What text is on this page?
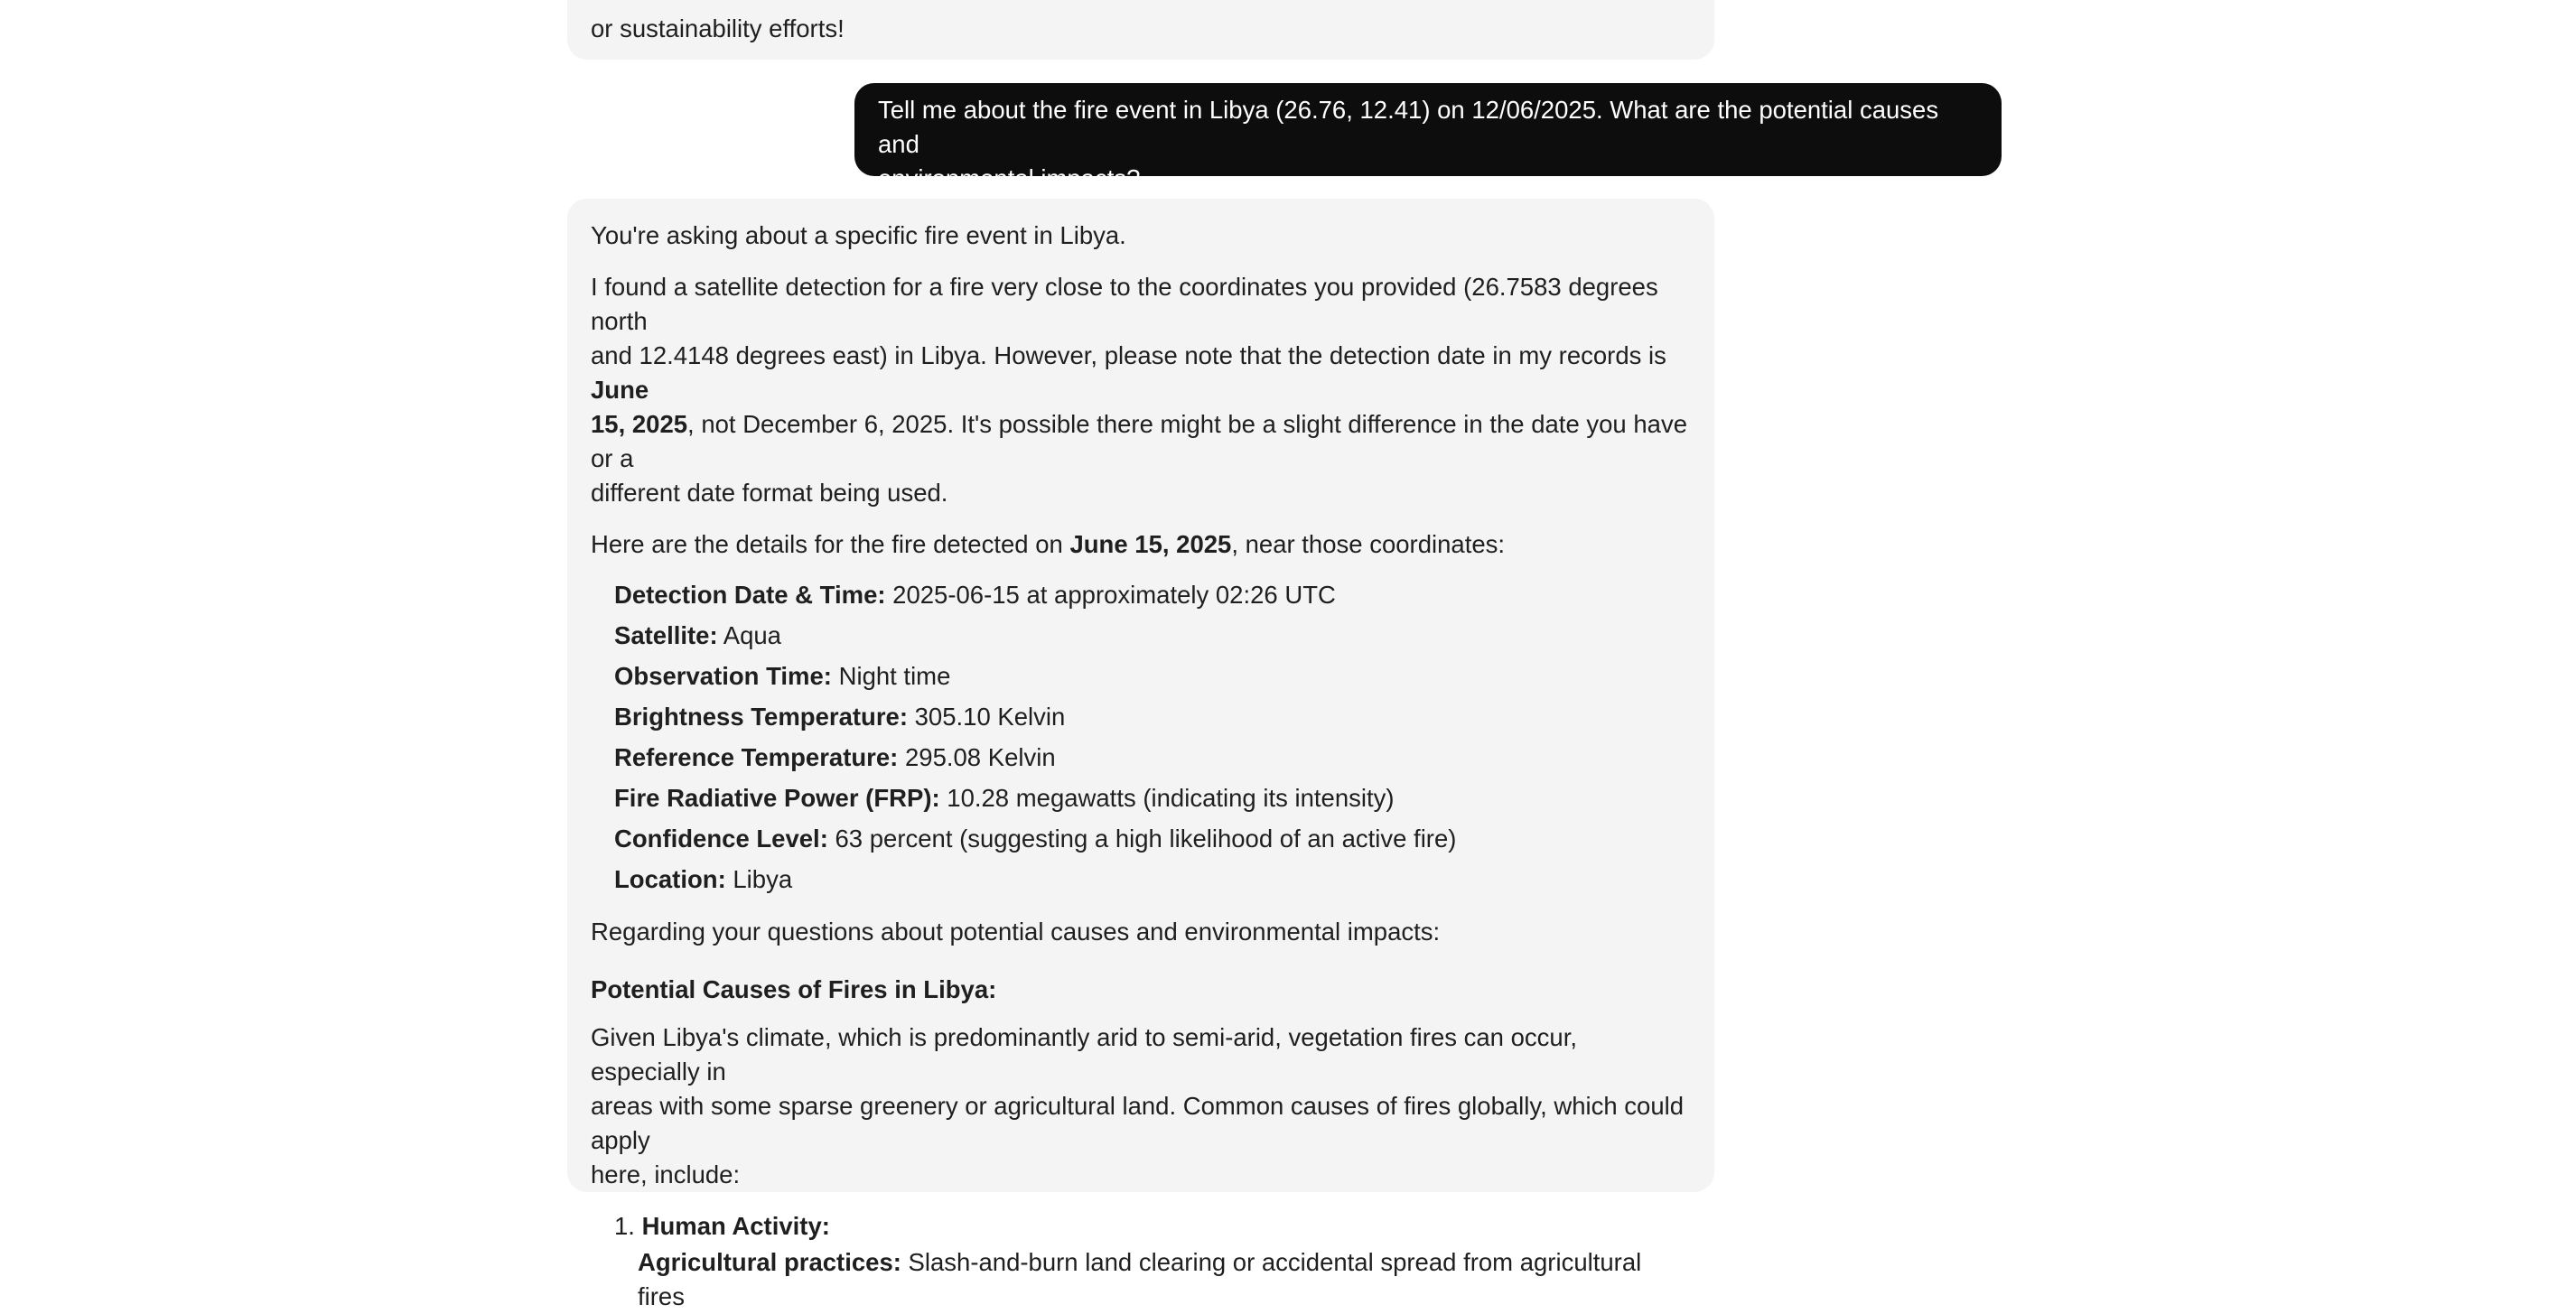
or sustainability efforts!

Tell me about the fire event in Libya (26.76, 12.41) on 12/06/2025. What are the potential causes and

environmental impacts?

You're asking about a specific fire event in Libya.

I found a satellite detection for a fire very close to the coordinates you provided (26.7583 degrees north

and 12.4148 degrees east) in Libya. However, please note that the detection date in my records is June

15, 2025, not December 6, 2025. It's possible there might be a slight difference in the date you have or a

different date format being used.

Here are the details for the fire detected on June 15, 2025, near those coordinates:

Detection Date & Time: 2025-06-15 at approximately 02:26 UTC
Satellite: Aqua
Observation Time: Night time
Brightness Temperature: 305.10 Kelvin
Reference Temperature: 295.08 Kelvin
Fire Radiative Power (FRP): 10.28 megawatts (indicating its intensity)
Confidence Level: 63 percent (suggesting a high likelihood of an active fire)
Location: Libya

Regarding your questions about potential causes and environmental impacts:

Potential Causes of Fires in Libya:

Given Libya's climate, which is predominantly arid to semi-arid, vegetation fires can occur, especially in

areas with some sparse greenery or agricultural land. Common causes of fires globally, which could apply

here, include:

1. Human Activity:
Agricultural practices: Slash-and-burn land clearing or accidental spread from agricultural fires
